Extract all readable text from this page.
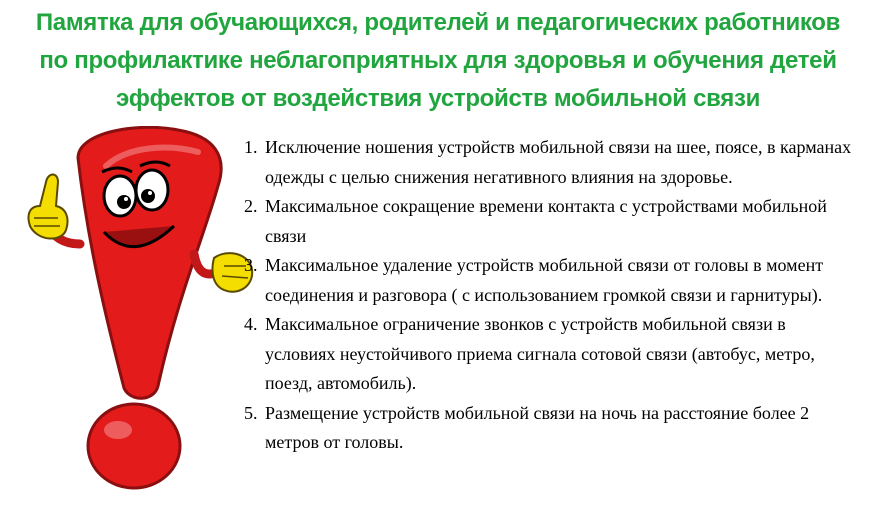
Памятка для обучающихся, родителей и педагогических работников
по профилактике неблагоприятных для здоровья и обучения детей
эффектов от воздействия устройств мобильной связи
1. Исключение ношения устройств мобильной связи на шее, поясе, в карманах одежды с целью снижения негативного влияния на здоровье.
2. Максимальное сокращение времени контакта с устройствами мобильной связи
3. Максимальное удаление устройств мобильной связи от головы в момент соединения и разговора ( с использованием громкой связи и гарнитуры).
4. Максимальное ограничение звонков с устройств мобильной связи в условиях неустойчивого приема сигнала сотовой связи (автобус, метро, поезд, автомобиль).
5. Размещение устройств мобильной связи на ночь на расстояние более 2 метров от головы.
